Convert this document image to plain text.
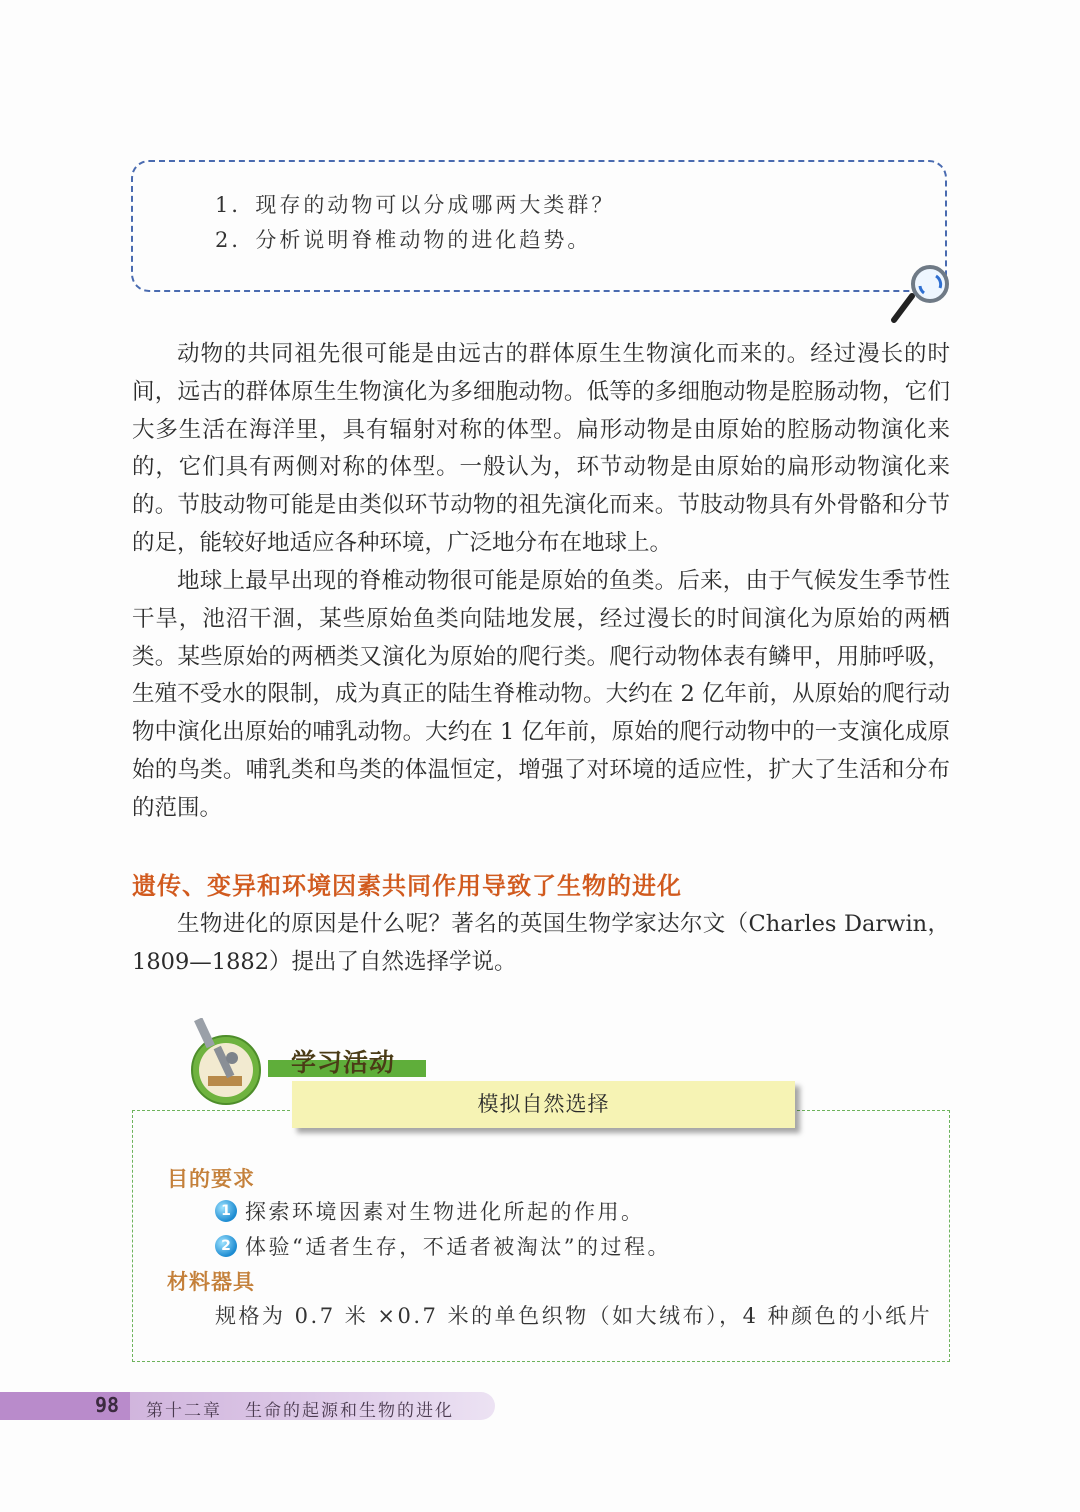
1．现存的动物可以分成哪两大类群？
2．分析说明脊椎动物的进化趋势。

动物的共同祖先很可能是由远古的群体原生生物演化而来的。经过漫长的时间，远古的群体原生生物演化为多细胞动物。低等的多细胞动物是腔肠动物，它们大多生活在海洋里，具有辐射对称的体型。扁形动物是由原始的腔肠动物演化来的，它们具有两侧对称的体型。一般认为，环节动物是由原始的扁形动物演化来的。节肢动物可能是由类似环节动物的祖先演化而来。节肢动物具有外骨骼和分节的足，能较好地适应各种环境，广泛地分布在地球上。

地球上最早出现的脊椎动物很可能是原始的鱼类。后来，由于气候发生季节性干旱，池沼干涸，某些原始鱼类向陆地发展，经过漫长的时间演化为原始的两栖类。某些原始的两栖类又演化为原始的爬行类。爬行动物体表有鳞甲，用肺呼吸，生殖不受水的限制，成为真正的陆生脊椎动物。大约在 2 亿年前，从原始的爬行动物中演化出原始的哺乳动物。大约在 1 亿年前，原始的爬行动物中的一支演化成原始的鸟类。哺乳类和鸟类的体温恒定，增强了对环境的适应性，扩大了生活和分布的范围。

遗传、变异和环境因素共同作用导致了生物的进化

生物进化的原因是什么呢？著名的英国生物学家达尔文（Charles Darwin，1809—1882）提出了自然选择学说。

学习活动
模拟自然选择
目的要求
1 探索环境因素对生物进化所起的作用。
2 体验“适者生存，不适者被淘汰”的过程。
材料器具
规格为 0.7 米 ×0.7 米的单色织物（如大绒布），4 种颜色的小纸片
98 第十二章 生命的起源和生物的进化
